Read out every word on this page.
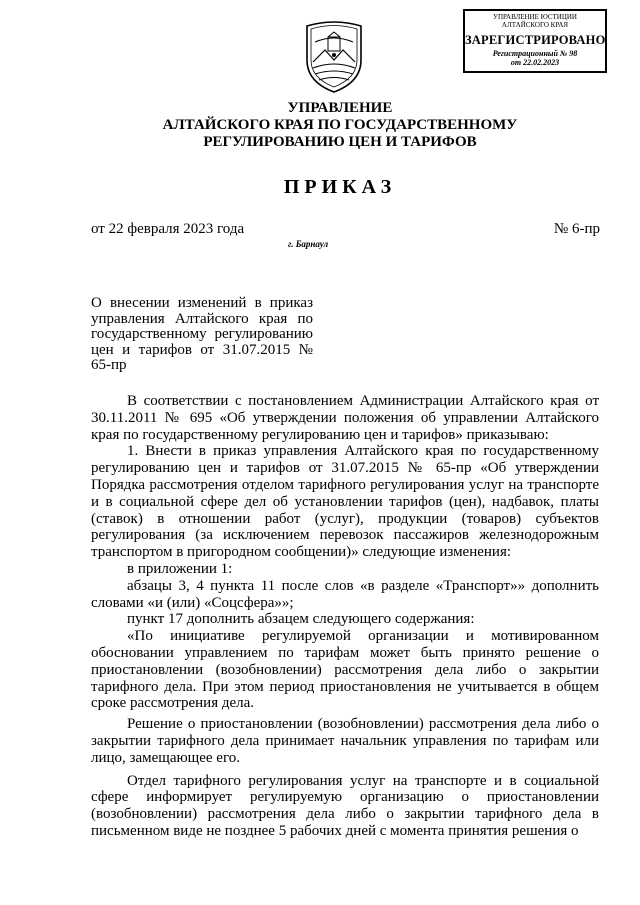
УПРАВЛЕНИЕ ЮСТИЦИИ
АЛТАЙСКОГО КРАЯ
ЗАРЕГИСТРИРОВАНО
Регистрационный № 98
от 22.02.2023
УПРАВЛЕНИЕ
АЛТАЙСКОГО КРАЯ ПО ГОСУДАРСТВЕННОМУ
РЕГУЛИРОВАНИЮ ЦЕН И ТАРИФОВ
ПРИКАЗ
от 22 февраля 2023 года	№ 6-пр
г. Барнаул
О внесении изменений в приказ управления Алтайского края по государственному регулированию цен и тарифов от 31.07.2015 № 65-пр

В соответствии с постановлением Администрации Алтайского края от 30.11.2011 № 695 «Об утверждении положения об управлении Алтайского края по государственному регулированию цен и тарифов» приказываю:

1. Внести в приказ управления Алтайского края по государственному регулированию цен и тарифов от 31.07.2015 № 65-пр «Об утверждении Порядка рассмотрения отделом тарифного регулирования услуг на транспорте и в социальной сфере дел об установлении тарифов (цен), надбавок, платы (ставок) в отношении работ (услуг), продукции (товаров) субъектов регулирования (за исключением перевозок пассажиров железнодорожным транспортом в пригородном сообщении)» следующие изменения:

в приложении 1:

абзацы 3, 4 пункта 11 после слов «в разделе «Транспорт»» дополнить словами «и (или) «Соцсфера»»;

пункт 17 дополнить абзацем следующего содержания:

«По инициативе регулируемой организации и мотивированном обосновании управлением по тарифам может быть принято решение о приостановлении (возобновлении) рассмотрения дела либо о закрытии тарифного дела. При этом период приостановления не учитывается в общем сроке рассмотрения дела.

Решение о приостановлении (возобновлении) рассмотрения дела либо о закрытии тарифного дела принимает начальник управления по тарифам или лицо, замещающее его.

Отдел тарифного регулирования услуг на транспорте и в социальной сфере информирует регулируемую организацию о приостановлении (возобновлении) рассмотрения дела либо о закрытии тарифного дела в письменном виде не позднее 5 рабочих дней с момента принятия решения о
